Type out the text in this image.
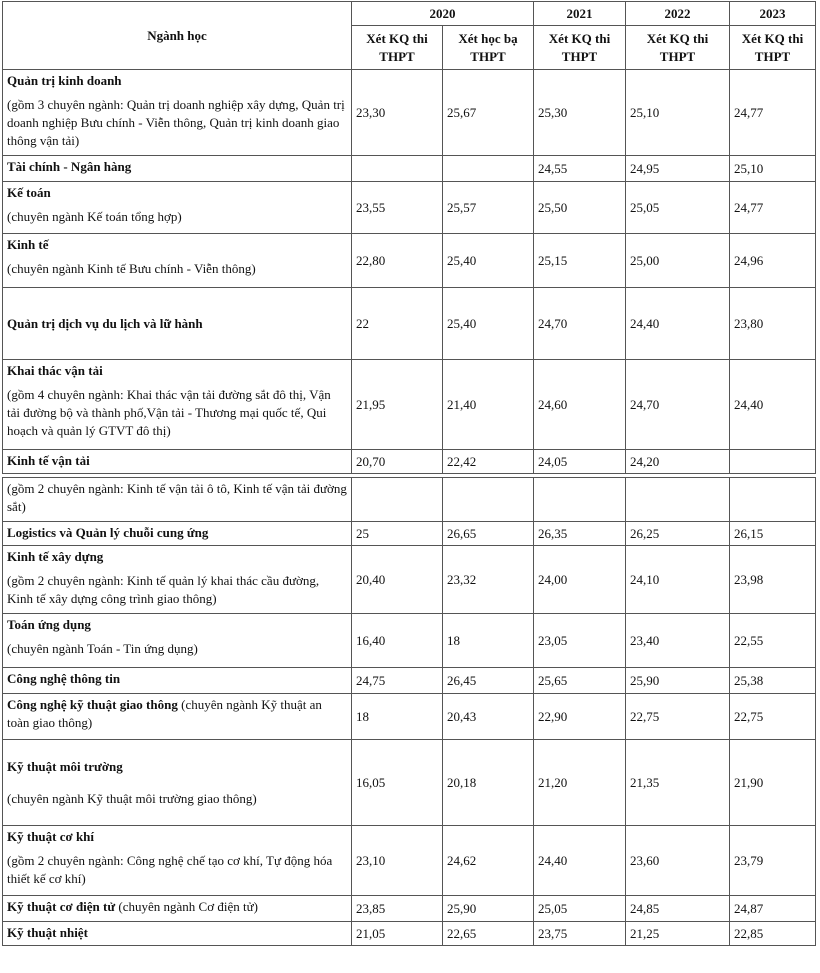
Ngành học	2020		2021	2022	2023
	Xét KQ thi THPT	Xét học bạ THPT	Xét KQ thi THPT	Xét KQ thi THPT	Xét KQ thi THPT
Quản trị kinh doanh
(gồm 3 chuyên ngành: Quản trị doanh nghiệp xây dựng, Quản trị doanh nghiệp Bưu chính - Viễn thông, Quản trị kinh doanh giao thông vận tải)	23,30	25,67	25,30	25,10	24,77
Tài chính - Ngân hàng			24,55	24,95	25,10
Kế toán
(chuyên ngành Kế toán tổng hợp)	23,55	25,57	25,50	25,05	24,77
Kinh tế
(chuyên ngành Kinh tế Bưu chính - Viễn thông)	22,80	25,40	25,15	25,00	24,96
Quản trị dịch vụ du lịch và lữ hành	22	25,40	24,70	24,40	23,80
Khai thác vận tải
(gồm 4 chuyên ngành: Khai thác vận tải đường sắt đô thị, Vận tải đường bộ và thành phố,Vận tải - Thương mại quốc tế, Qui hoạch và quản lý GTVT đô thị)	21,95	21,40	24,60	24,70	24,40
Kinh tế vận tải	20,70	22,42	24,05	24,20	

(gồm 2 chuyên ngành: Kinh tế vận tải ô tô, Kinh tế vận tải đường sắt)					
Logistics và Quản lý chuỗi cung ứng	25	26,65	26,35	26,25	26,15
Kinh tế xây dựng
(gồm 2 chuyên ngành: Kinh tế quản lý khai thác cầu đường, Kinh tế xây dựng công trình giao thông)	20,40	23,32	24,00	24,10	23,98
Toán ứng dụng
(chuyên ngành Toán - Tin ứng dụng)	16,40	18	23,05	23,40	22,55
Công nghệ thông tin	24,75	26,45	25,65	25,90	25,38
Công nghệ kỹ thuật giao thông (chuyên ngành Kỹ thuật an toàn giao thông)	18	20,43	22,90	22,75	22,75
Kỹ thuật môi trường
(chuyên ngành Kỹ thuật môi trường giao thông)	16,05	20,18	21,20	21,35	21,90
Kỹ thuật cơ khí
(gồm 2 chuyên ngành: Công nghệ chế tạo cơ khí, Tự động hóa thiết kế cơ khí)	23,10	24,62	24,40	23,60	23,79
Kỹ thuật cơ điện tử (chuyên ngành Cơ điện tử)	23,85	25,90	25,05	24,85	24,87
Kỹ thuật nhiệt	21,05	22,65	23,75	21,25	22,85
